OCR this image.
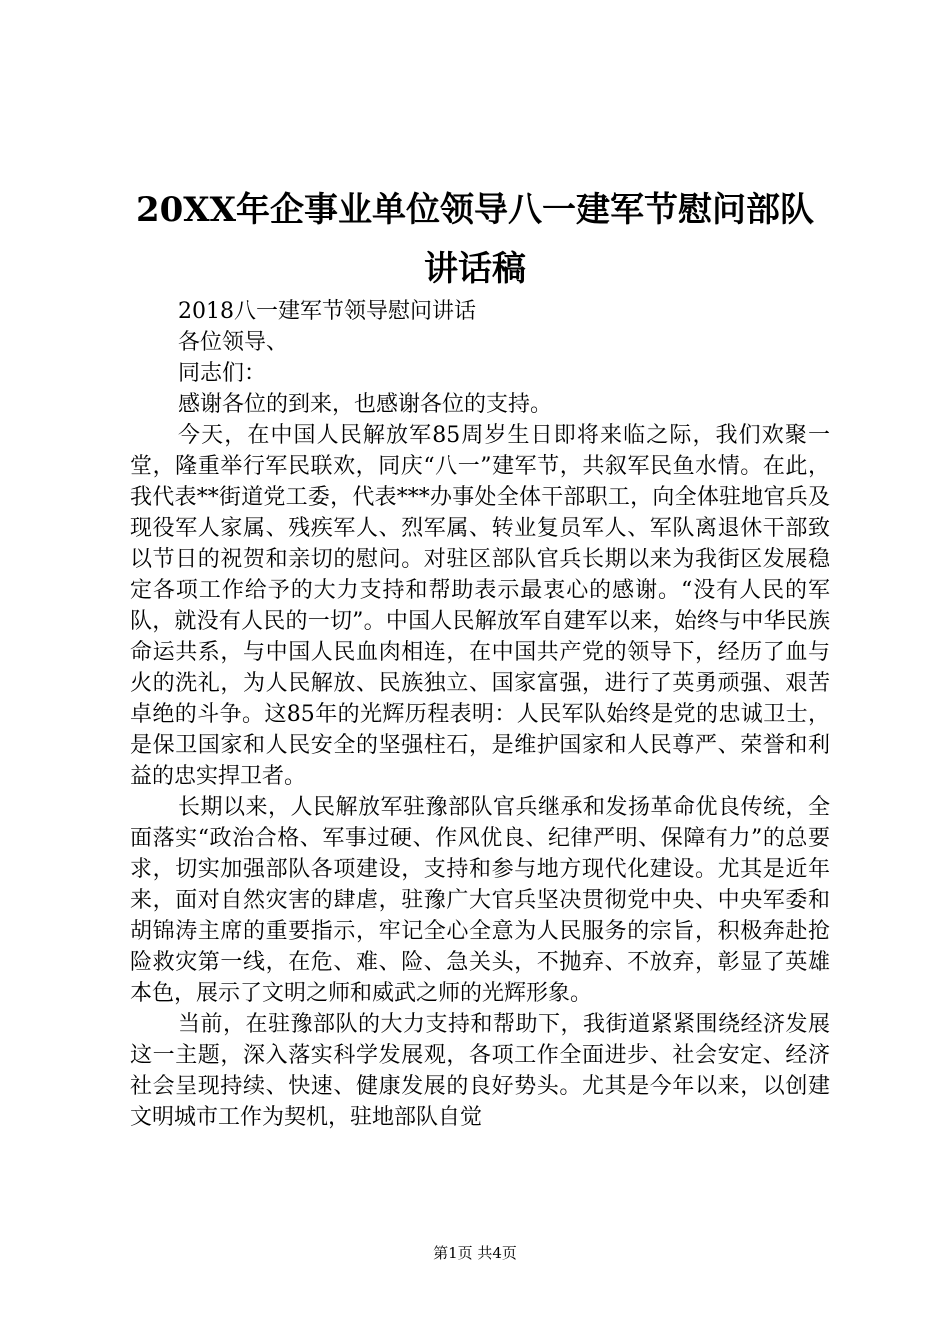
20XX年企事业单位领导八一建军节慰问部队
讲话稿

2018八一建军节领导慰问讲话

各位领导、

同志们：

感谢各位的到来，也感谢各位的支持。

今天，在中国人民解放军85周岁生日即将来临之际，我们欢聚一堂，隆重举行军民联欢，同庆“八一”建军节，共叙军民鱼水情。在此，我代表**街道党工委，代表***办事处全体干部职工，向全体驻地官兵及现役军人家属、残疾军人、烈军属、转业复员军人、军队离退休干部致以节日的祝贺和亲切的慰问。对驻区部队官兵长期以来为我街区发展稳定各项工作给予的大力支持和帮助表示最衷心的感谢。“没有人民的军队，就没有人民的一切”。中国人民解放军自建军以来，始终与中华民族命运共系，与中国人民血肉相连，在中国共产党的领导下，经历了血与火的洗礼，为人民解放、民族独立、国家富强，进行了英勇顽强、艰苦卓绝的斗争。这85年的光辉历程表明：人民军队始终是党的忠诚卫士，是保卫国家和人民安全的坚强柱石，是维护国家和人民尊严、荣誉和利益的忠实捍卫者。

长期以来，人民解放军驻豫部队官兵继承和发扬革命优良传统，全面落实“政治合格、军事过硬、作风优良、纪律严明、保障有力”的总要求，切实加强部队各项建设，支持和参与地方现代化建设。尤其是近年来，面对自然灾害的肆虐，驻豫广大官兵坚决贯彻党中央、中央军委和胡锦涛主席的重要指示，牢记全心全意为人民服务的宗旨，积极奔赴抢险救灾第一线，在危、难、险、急关头，不抛弃、不放弃，彰显了英雄本色，展示了文明之师和威武之师的光辉形象。

当前，在驻豫部队的大力支持和帮助下，我街道紧紧围绕经济发展这一主题，深入落实科学发展观，各项工作全面进步、社会安定、经济社会呈现持续、快速、健康发展的良好势头。尤其是今年以来，以创建文明城市工作为契机，驻地部队自觉

第1页 共4页
